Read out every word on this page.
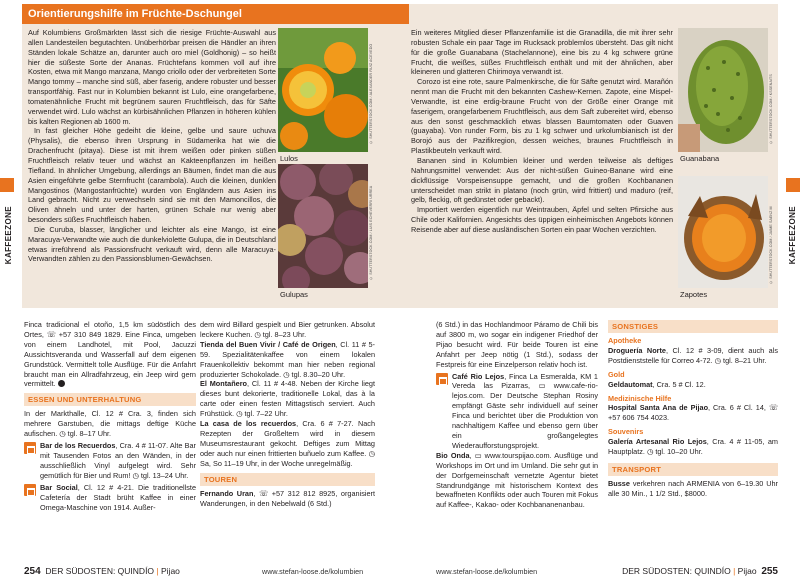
Orientierungshilfe im Früchte-Dschungel

Auf Kolumbiens Großmärkten lässt sich die riesige Früchte-Auswahl aus allen Landesteilen begutachten. Unüberhörbar preisen die Händler an ihren Ständen lokale Schätze an, darunter auch oro miel (Goldhonig) – so heißt hier die süßeste Sorte der Ananas. Früchtefans kommen voll auf ihre Kosten, etwa mit Mango manzana, Mango criollo oder der verbreiteten Sorte Mango tommy – manche sind süß, aber faserig, andere robuster und besser transportfähig. Fast nur in Kolumbien bekannt ist Lulo, eine orangefarbene, tomatenähnliche Frucht mit begrünem sauren Fruchtfleisch, das für Säfte verwendet wird. Lulo wächst an kürbisähnlichen Pflanzen in höheren kühlen bis kalten Regionen ab 1600 m.

In fast gleicher Höhe gedeiht die kleine, gelbe und saure uchuva (Physalis), die ebenso ihren Ursprung in Südamerika hat wie die Drachenfrucht (pitaya). Diese ist mit ihrem weißen oder pinken süßen Fruchtfleisch relativ teuer und wächst an Kakteenpflanzen im heißen Tiefland. In ähnlicher Umgebung, allerdings an Bäumen, findet man die aus Asien eingeführte gelbe Sternfrucht (carambola). Auch die kleinen, dunklen Mangostinos (Mangostanfrüchte) wurden von Engländern aus Asien ins Land gebracht. Nicht zu verwechseln sind sie mit den Mamoncillos, die Oliven ähneln und unter der harten, grünen Schale nur wenig aber besonders süßes Fruchtfleisch haben.

Die Curuba, blasser, länglicher und leichter als eine Mango, ist eine Maracuya-Verwandte wie auch die dunkelviolette Gulupa, die in Deutschland etwas irreführend als Passionsfrucht verkauft wird, denn alle Maracuya-Verwandten zählen zu den Passionsblumen-Gewächsen.

© SHUTTERSTOCK.COM / ALEXANDER RUIZ ACEVEDO
Lulos
© SHUTTERSTOCK.COM / LUIS ECHEVERRI URREA
Gulupas

Ein weiteres Mitglied dieser Pflanzenfamilie ist die Granadilla, die mit ihrer sehr robusten Schale ein paar Tage im Rucksack problemlos übersteht. Das gilt nicht für die große Guanabana (Stachelannone), eine bis zu 4 kg schwere grüne Frucht, die weißes, süßes Fruchtfleisch enthält und mit der ähnlichen, aber kleineren und glatteren Chirimoya verwandt ist.

Corozo ist eine rote, saure Palmenkirsche, die für Säfte genutzt wird. Marañón nennt man die Frucht mit den bekannten Cashew-Kernen. Zapote, eine Mispel-Verwandte, ist eine erdig-braune Frucht von der Größe einer Orange mit faserigem, orangefarbenem Fruchtfleisch, aus dem Saft zubereitet wird, ebenso aus den sonst geschmacklich etwas blassen Baumtomaten oder Guaven (guayaba). Von runder Form, bis zu 1 kg schwer und urkolumbianisch ist der Borojó aus der Pazifikregion, dessen weiches, braunes Fruchtfleisch in Plastikbeuteln verkauft wird.

Bananen sind in Kolumbien kleiner und werden teilweise als deftiges Nahrungsmittel verwendet: Aus der nicht-süßen Guineo-Banane wird eine dickflüssige Vorspeisensuppe gemacht, und die großen Kochbananen unterscheidet man strikt in platano (noch grün, wird frittiert) und maduro (reif, gelb, fleckig, oft gedünstet oder gebackt).

Importiert werden eigentlich nur Weintrauben, Äpfel und selten Pfirsiche aus Chile oder Kalifornien. Angesichts des üppigen einheimischen Angebots können Reisende aber auf diese ausländischen Sorten ein paar Wochen verzichten.

© SHUTTERSTOCK.COM / KSSENAITS
Guanabana
© SHUTTERSTOCK.COM / JAIME SAENZ M
Zapotes
KAFFEEZONE	KAFFEEZONE

Finca tradicional el otoño, 1,5 km südöstlich des Ortes, ☏ +57 310 849 1829. Eine Finca, umgeben von einem Landhotel, mit Pool, Jacuzzi Aussichtsveranda und Wasserfall auf dem eigenen Grundstück. Vermittelt tolle Ausflüge. Für die Anfahrt braucht man ein Allradfahrzeug, ein Jeep wird gern vermittelt.

ESSEN UND UNTERHALTUNG

In der Markthalle, Cl. 12 # Cra. 3, finden sich mehrere Garstuben, die mittags deftige Küche aufischen. ◷ tgl. 8–17 Uhr.

Bar de los Recuerdos, Cra. 4 # 11-07. Alte Bar mit Tausenden Fotos an den Wänden, in der ausschließlich Vinyl aufgelegt wird. Sehr gemütlich für Bier und Rum! ◷ tgl. 13–24 Uhr.
Bar Social, Cl. 12 # 4-21. Die traditionellste Cafetería der Stadt brüht Kaffee in einer Omega-Maschine von 1914. Außer-

dem wird Billard gespielt und Bier getrunken. Absolut leckere Kuchen. ◷ tgl. 8–23 Uhr.

Tienda del Buen Vivir / Café de Origen, Cl. 11 # 5-59. Spezialitätenkaffee von einem lokalen Frauenkollektiv bekommt man hier neben regional produzierter Schokolade. ◷ tgl. 8.30–20 Uhr.

El Montañero, Cl. 11 # 4-48. Neben der Kirche liegt dieses bunt dekorierte, traditionelle Lokal, das à la carte oder einen festen Mittagstisch serviert. Auch Frühstück. ◷ tgl. 7–22 Uhr.

La casa de los recuerdos, Cra. 6 # 7-27. Nach Rezepten der Großeltern wird in diesem Museumsrestaurant gekocht. Deftiges zum Mittag oder auch nur einen frittierten buñuelo zum Kaffee. ◷ Sa, So 11–19 Uhr, in der Woche unregelmäßig.

TOUREN

Fernando Uran, ☏ +57 312 812 8925, organisiert Wanderungen, in den Nebelwald (6 Std.)

(6 Std.) in das Hochlandmoor Páramo de Chili bis auf 3800 m, wo sogar ein indigener Friedhof der Pijao besucht wird. Für beide Touren ist eine Anfahrt per Jeep nötig (1 Std.), sodass der Festpreis für eine Einzelperson relativ hoch ist.

Café Rio Lejos, Finca La Esmeralda, KM 1 Vereda las Pizarras, ▭ www.cafe-rio-lejos.com. Der Deutsche Stephan Rosiny empfängt Gäste sehr individuell auf seiner Finca und berichtet über die Produktion von nachhaltigem Kaffee und ebenso gern über ein großangelegtes Wiederaufforstungsprojekt.

Bio Onda, ▭ www.tourspijao.com. Ausflüge und Workshops im Ort und im Umland. Die sehr gut in der Dorfgemeinschaft vernetzte Agentur bietet Standrundgänge mit historischem Kontext des bewaffneten Konflikts oder auch Touren mit Fokus auf Kaffee-, Kakao- oder Kochbananenanbau.

SONSTIGES
Apotheke

Droguería Norte, Cl. 12 # 3-09, dient auch als Postdienststelle für Correo 4-72. ◷ tgl. 8–21 Uhr.

Gold

Geldautomat, Cra. 5 # Cl. 12.

Medizinische Hilfe

Hospital Santa Ana de Pijao, Cra. 6 # Cl. 14, ☏ +57 606 754 4023.

Souvenirs

Galería Artesanal Rio Lejos, Cra. 4 # 11-05, am Hauptplatz. ◷ tgl. 10–20 Uhr.

TRANSPORT

Busse verkehren nach ARMENIA von 6–19.30 Uhr alle 30 Min., 1 1/2 Std., $8000.

254 DER SÜDOSTEN: QUINDÍO | Pijao	www.stefan-loose.de/kolumbien	www.stefan-loose.de/kolumbien	DER SÜDOSTEN: QUINDÍO | Pijao 255
